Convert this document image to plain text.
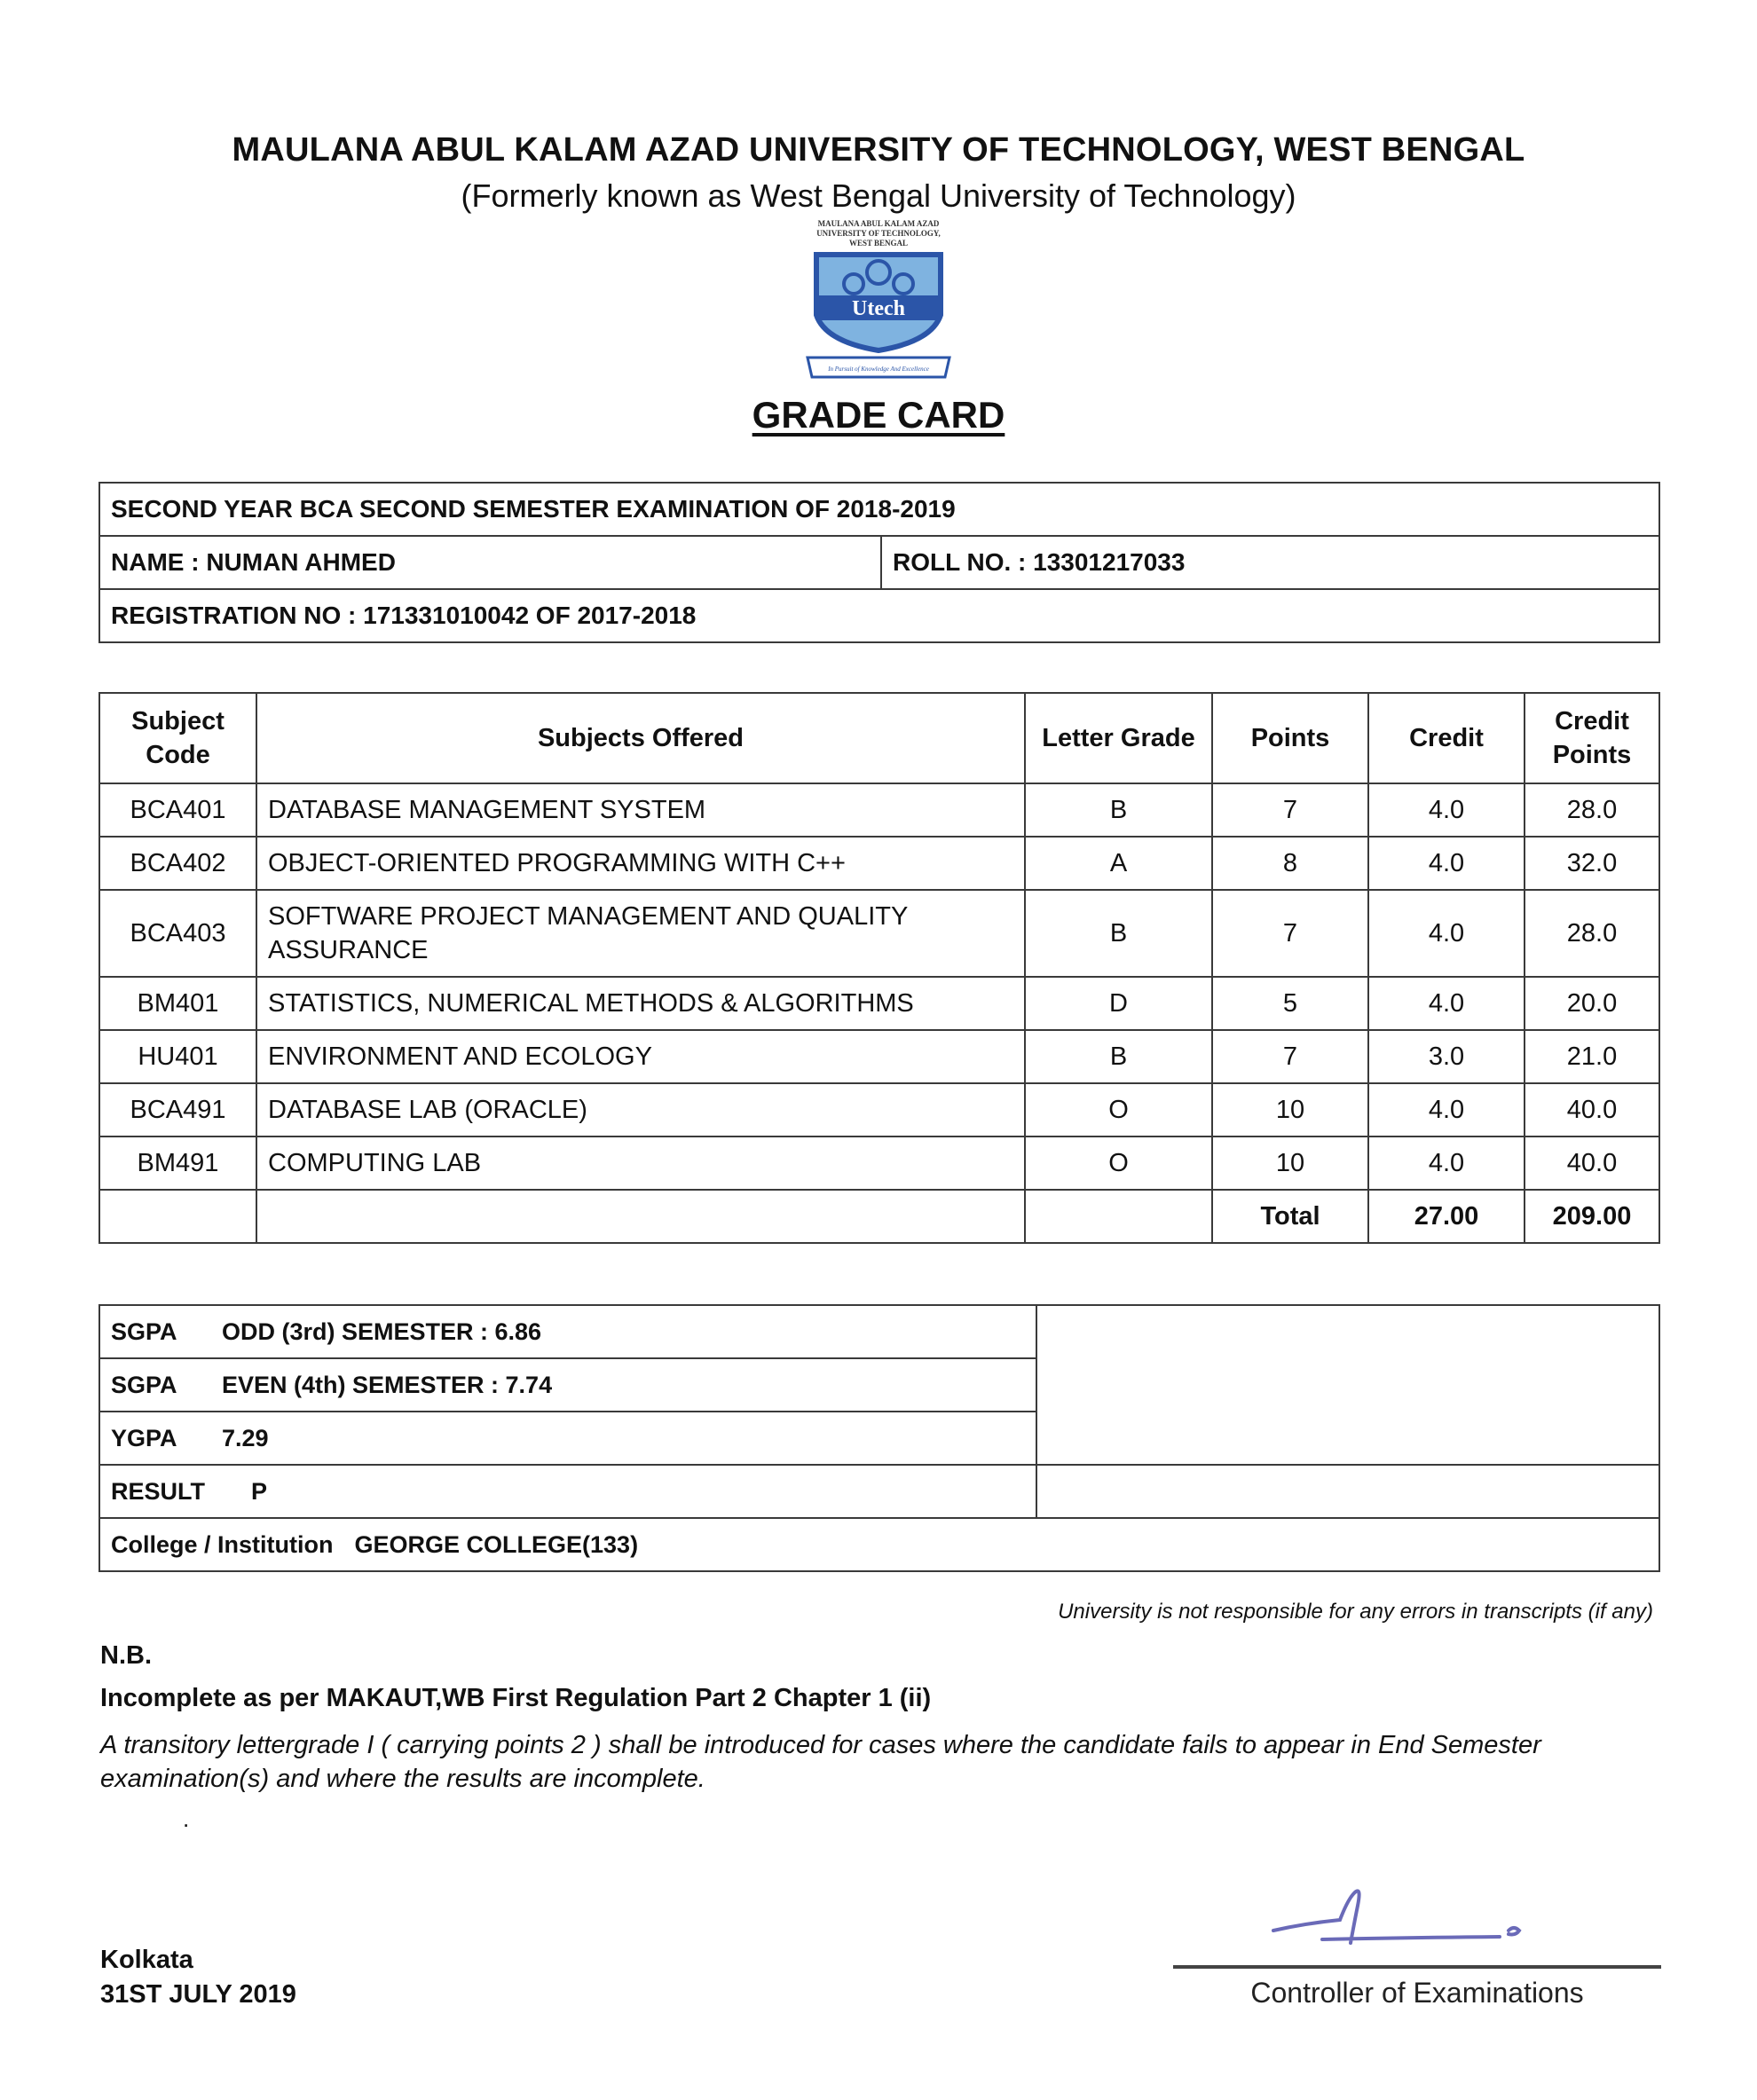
MAULANA ABUL KALAM AZAD UNIVERSITY OF TECHNOLOGY, WEST BENGAL
(Formerly known as West Bengal University of Technology)
MAULANA ABUL KALAM AZAD
UNIVERSITY OF TECHNOLOGY,
WEST BENGAL
Utech
In Pursuit of Knowledge And Excellence
GRADE CARD
SECOND YEAR BCA SECOND SEMESTER EXAMINATION OF 2018-2019
NAME : NUMAN AHMED	ROLL NO. : 13301217033
REGISTRATION NO : 171331010042 OF 2017-2018
Subject Code	Subjects Offered	Letter Grade	Points	Credit	Credit Points
BCA401	DATABASE MANAGEMENT SYSTEM	B	7	4.0	28.0
BCA402	OBJECT-ORIENTED PROGRAMMING WITH C++	A	8	4.0	32.0
BCA403	SOFTWARE PROJECT MANAGEMENT AND QUALITY ASSURANCE	B	7	4.0	28.0
BM401	STATISTICS, NUMERICAL METHODS & ALGORITHMS	D	5	4.0	20.0
HU401	ENVIRONMENT AND ECOLOGY	B	7	3.0	21.0
BCA491	DATABASE LAB (ORACLE)	O	10	4.0	40.0
BM491	COMPUTING LAB	O	10	4.0	40.0
			Total	27.00	209.00
SGPA ODD (3rd) SEMESTER : 6.86	
SGPA EVEN (4th) SEMESTER : 7.74	
YGPA 7.29	
RESULT P	
College / Institution GEORGE COLLEGE(133)	
University is not responsible for any errors in transcripts (if any)
N.B.
Incomplete as per MAKAUT,WB First Regulation Part 2 Chapter 1 (ii)
A transitory lettergrade I ( carrying points 2 ) shall be introduced for cases where the candidate fails to appear in End Semester examination(s) and where the results are incomplete.
.
Kolkata
31ST JULY 2019	Controller of Examinations
